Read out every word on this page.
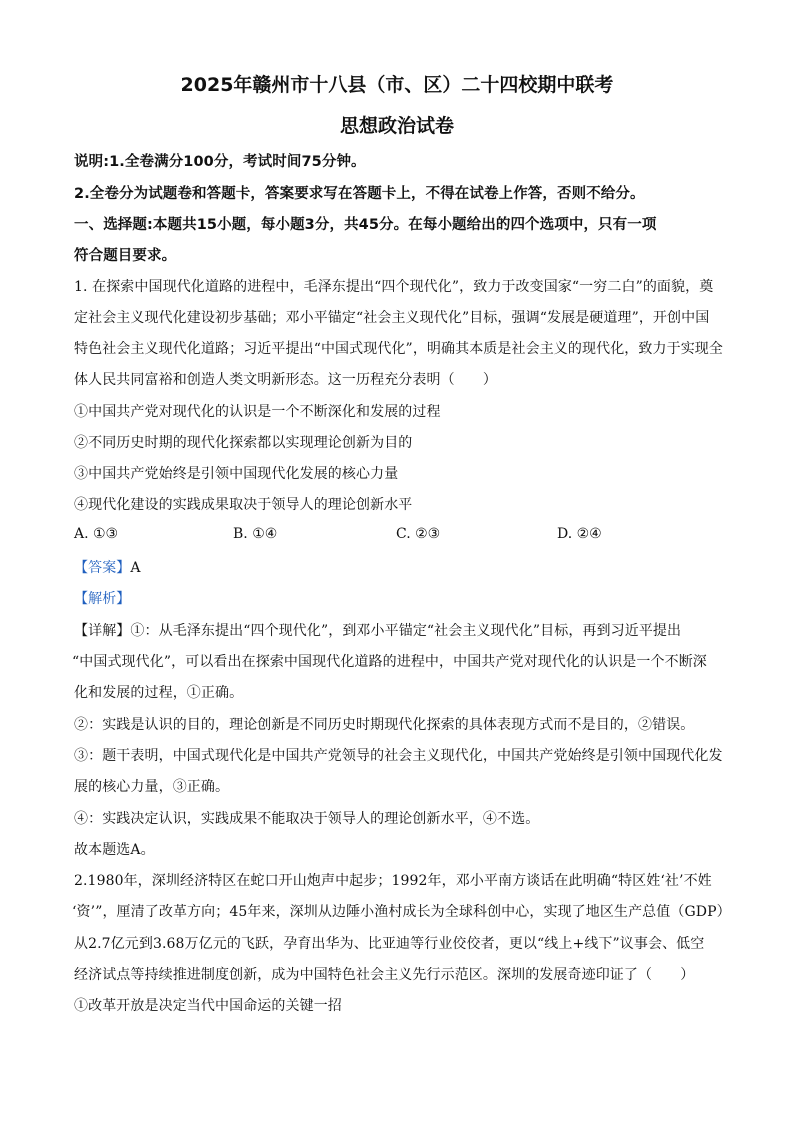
2025年赣州市十八县（市、区）二十四校期中联考
思想政治试卷
说明:1.全卷满分100分，考试时间75分钟。
2.全卷分为试题卷和答题卡，答案要求写在答题卡上，不得在试卷上作答，否则不给分。
一、选择题:本题共15小题，每小题3分，共45分。在每小题给出的四个选项中，只有一项
符合题目要求。
1. 在探索中国现代化道路的进程中，毛泽东提出“四个现代化”，致力于改变国家“一穷二白”的面貌，奠
定社会主义现代化建设初步基础；邓小平锚定“社会主义现代化”目标，强调“发展是硬道理”，开创中国
特色社会主义现代化道路；习近平提出“中国式现代化”，明确其本质是社会主义的现代化，致力于实现全
体人民共同富裕和创造人类文明新形态。这一历程充分表明（　　）
①中国共产党对现代化的认识是一个不断深化和发展的过程
②不同历史时期的现代化探索都以实现理论创新为目的
③中国共产党始终是引领中国现代化发展的核心力量
④现代化建设的实践成果取决于领导人的理论创新水平
A. ①③	B. ①④	C. ②③	D. ②④
【答案】A
【解析】
【详解】①：从毛泽东提出“四个现代化”，到邓小平锚定“社会主义现代化”目标，再到习近平提出
“中国式现代化”，可以看出在探索中国现代化道路的进程中，中国共产党对现代化的认识是一个不断深
化和发展的过程，①正确。
②：实践是认识的目的，理论创新是不同历史时期现代化探索的具体表现方式而不是目的，②错误。
③：题干表明，中国式现代化是中国共产党领导的社会主义现代化，中国共产党始终是引领中国现代化发
展的核心力量，③正确。
④：实践决定认识，实践成果不能取决于领导人的理论创新水平，④不选。
故本题选A。
2.1980年，深圳经济特区在蛇口开山炮声中起步；1992年，邓小平南方谈话在此明确“特区姓‘社’不姓
‘资’”，厘清了改革方向；45年来，深圳从边陲小渔村成长为全球科创中心，实现了地区生产总值（GDP）
从2.7亿元到3.68万亿元的飞跃，孕育出华为、比亚迪等行业佼佼者，更以“线上+线下”议事会、低空
经济试点等持续推进制度创新，成为中国特色社会主义先行示范区。深圳的发展奇迹印证了（　　）
①改革开放是决定当代中国命运的关键一招
